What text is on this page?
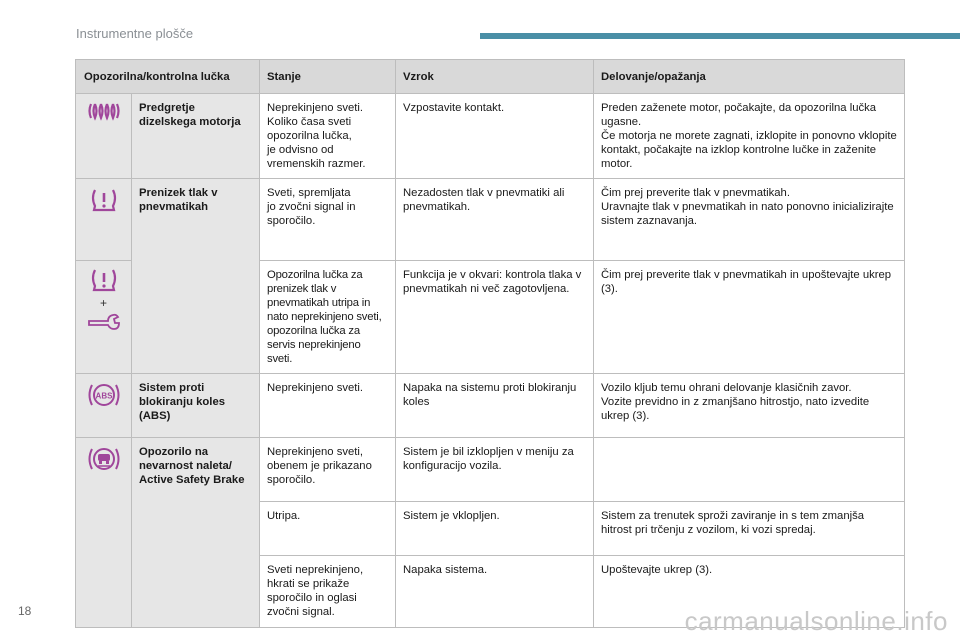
Instrumentne plošče
Opozorilna/kontrolna lučka		Stanje	Vzrok	Delovanje/opažanja

	Predgretje dizelskega motorja	Neprekinjeno sveti.
Koliko časa sveti opozorilna lučka,
je odvisno od vremenskih razmer.	Vzpostavite kontakt.	Preden zaženete motor, počakajte, da opozorilna lučka ugasne.
Če motorja ne morete zagnati, izklopite in ponovno vklopite kontakt, počakajte na izklop kontrolne lučke in zaženite motor.

	Prenizek tlak v pnevmatikah	Sveti, spremljata
jo zvočni signal in sporočilo.	Nezadosten tlak v pnevmatiki ali pnevmatikah.	Čim prej preverite tlak v pnevmatikah.
Uravnajte tlak v pnevmatikah in nato ponovno inicializirajte sistem zaznavanja.

+		Opozorilna lučka za prenizek tlak v pnevmatikah utripa in nato neprekinjeno sveti, opozorilna lučka za servis neprekinjeno sveti.	Funkcija je v okvari: kontrola tlaka v pnevmatikah ni več zagotovljena.	Čim prej preverite tlak v pnevmatikah in upoštevajte ukrep (3).

ABS	Sistem proti blokiranju koles (ABS)	Neprekinjeno sveti.	Napaka na sistemu proti blokiranju koles	Vozilo kljub temu ohrani delovanje klasičnih zavor.
Vozite previdno in z zmanjšano hitrostjo, nato izvedite ukrep (3).

	Opozorilo na nevarnost naleta/ Active Safety Brake	Neprekinjeno sveti, obenem je prikazano sporočilo.	Sistem je bil izklopljen v meniju za konfiguracijo vozila.	
		Utripa.	Sistem je vklopljen.	Sistem za trenutek sproži zaviranje in s tem zmanjša hitrost pri trčenju z vozilom, ki vozi spredaj.
		Sveti neprekinjeno, hkrati se prikaže sporočilo in oglasi zvočni signal.	Napaka sistema.	Upoštevajte ukrep (3).
18	carmanualsonline.info
